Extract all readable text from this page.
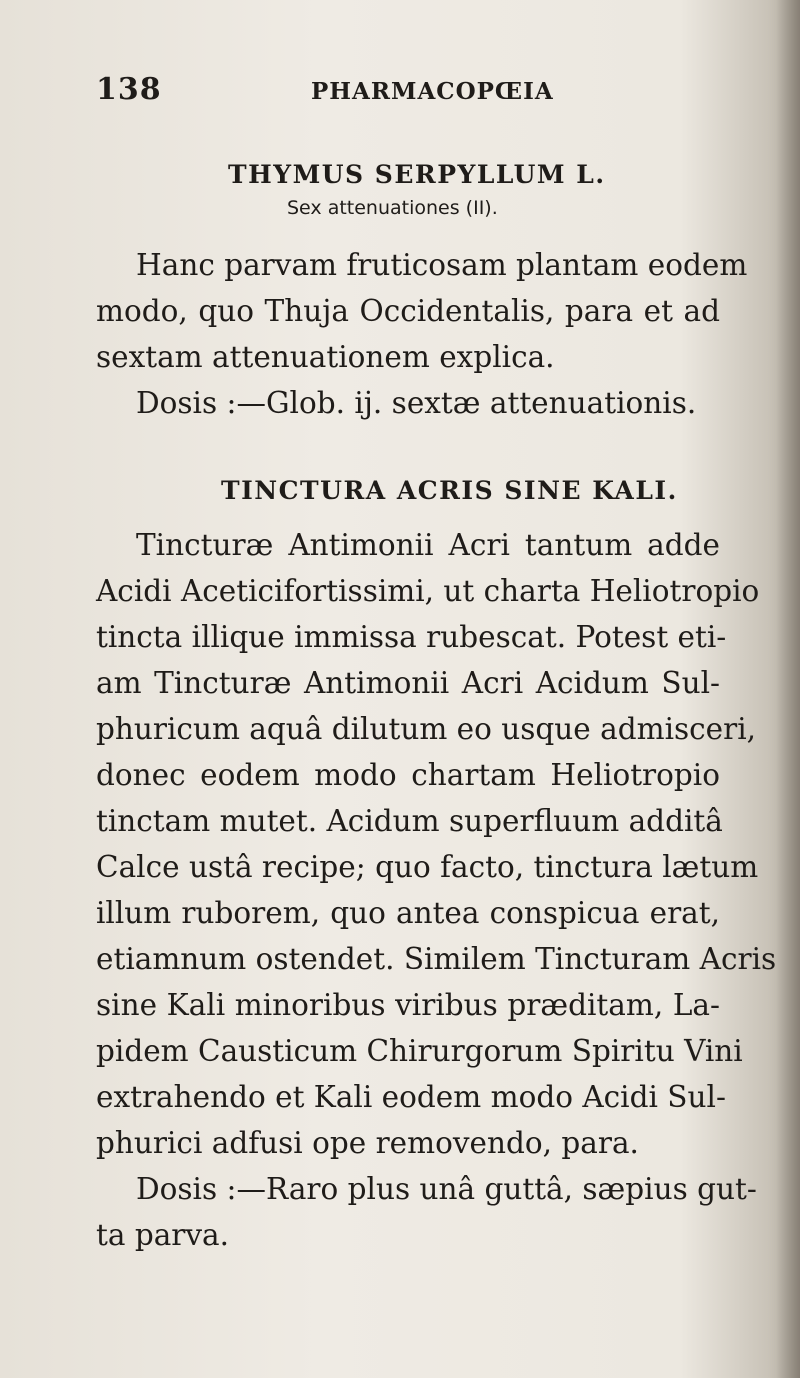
138	PHARMACOPŒIA
THYMUS SERPYLLUM L.
Sex attenuationes (II).
Hanc parvam fruticosam plantam eodem
modo, quo Thuja Occidentalis, para et ad
sextam attenuationem explica.
Dosis :—Glob. ij. sextæ attenuationis.
TINCTURA ACRIS SINE KALI.
Tincturæ Antimonii Acri tantum adde
Acidi Aceticifortissimi, ut charta Heliotropio
tincta illique immissa rubescat. Potest eti-
am Tincturæ Antimonii Acri Acidum Sul-
phuricum aquâ dilutum eo usque admisceri,
donec eodem modo chartam Heliotropio
tinctam mutet. Acidum superfluum additâ
Calce ustâ recipe; quo facto, tinctura lætum
illum ruborem, quo antea conspicua erat,
etiamnum ostendet. Similem Tincturam Acris
sine Kali minoribus viribus præditam, La-
pidem Causticum Chirurgorum Spiritu Vini
extrahendo et Kali eodem modo Acidi Sul-
phurici adfusi ope removendo, para.
Dosis :—Raro plus unâ guttâ, sæpius gut-
ta parva.
